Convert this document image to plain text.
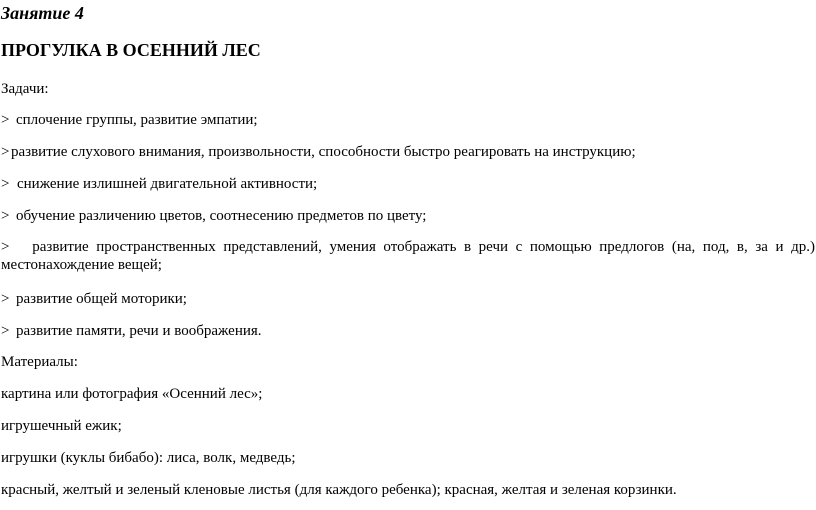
Занятие 4
ПРОГУЛКА В ОСЕННИЙ ЛЕС
Задачи:
> сплочение группы, развитие эмпатии;
> развитие слухового внимания, произвольности, способности быстро реагировать на инструкцию;
> снижение излишней двигательной активности;
> обучение различению цветов, соотнесению предметов по цвету;
> развитие пространственных представлений, умения отображать в речи с помощью предлогов (на, под, в, за и др.) местонахождение вещей;
> развитие общей моторики;
> развитие памяти, речи и воображения.
Материалы:
картина или фотография «Осенний лес»;
игрушечный ежик;
игрушки (куклы бибабо): лиса, волк, медведь;
красный, желтый и зеленый кленовые листья (для каждого ребенка); красная, желтая и зеленая корзинки.
